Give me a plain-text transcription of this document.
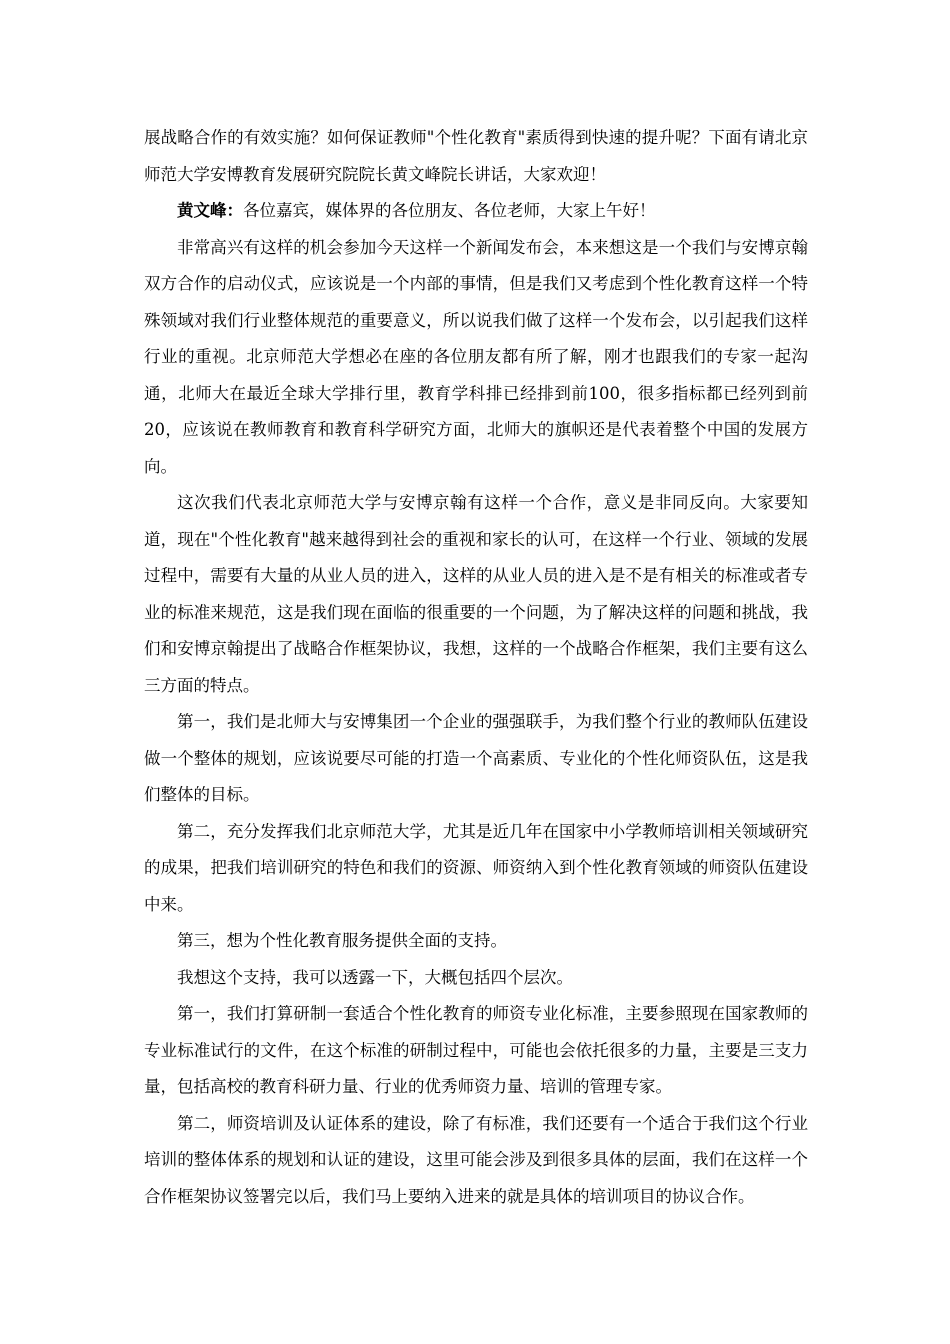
展战略合作的有效实施？如何保证教师"个性化教育"素质得到快速的提升呢？下面有请北京师范大学安博教育发展研究院院长黄文峰院长讲话，大家欢迎！

黄文峰：各位嘉宾，媒体界的各位朋友、各位老师，大家上午好！

非常高兴有这样的机会参加今天这样一个新闻发布会，本来想这是一个我们与安博京翰双方合作的启动仪式，应该说是一个内部的事情，但是我们又考虑到个性化教育这样一个特殊领域对我们行业整体规范的重要意义，所以说我们做了这样一个发布会，以引起我们这样行业的重视。北京师范大学想必在座的各位朋友都有所了解，刚才也跟我们的专家一起沟通，北师大在最近全球大学排行里，教育学科排已经排到前100，很多指标都已经列到前20，应该说在教师教育和教育科学研究方面，北师大的旗帜还是代表着整个中国的发展方向。

这次我们代表北京师范大学与安博京翰有这样一个合作，意义是非同反向。大家要知道，现在"个性化教育"越来越得到社会的重视和家长的认可，在这样一个行业、领域的发展过程中，需要有大量的从业人员的进入，这样的从业人员的进入是不是有相关的标准或者专业的标准来规范，这是我们现在面临的很重要的一个问题，为了解决这样的问题和挑战，我们和安博京翰提出了战略合作框架协议，我想，这样的一个战略合作框架，我们主要有这么三方面的特点。

第一，我们是北师大与安博集团一个企业的强强联手，为我们整个行业的教师队伍建设做一个整体的规划，应该说要尽可能的打造一个高素质、专业化的个性化师资队伍，这是我们整体的目标。

第二，充分发挥我们北京师范大学，尤其是近几年在国家中小学教师培训相关领域研究的成果，把我们培训研究的特色和我们的资源、师资纳入到个性化教育领域的师资队伍建设中来。

第三，想为个性化教育服务提供全面的支持。

我想这个支持，我可以透露一下，大概包括四个层次。

第一，我们打算研制一套适合个性化教育的师资专业化标准，主要参照现在国家教师的专业标准试行的文件，在这个标准的研制过程中，可能也会依托很多的力量，主要是三支力量，包括高校的教育科研力量、行业的优秀师资力量、培训的管理专家。

第二，师资培训及认证体系的建设，除了有标准，我们还要有一个适合于我们这个行业培训的整体体系的规划和认证的建设，这里可能会涉及到很多具体的层面，我们在这样一个合作框架协议签署完以后，我们马上要纳入进来的就是具体的培训项目的协议合作。
